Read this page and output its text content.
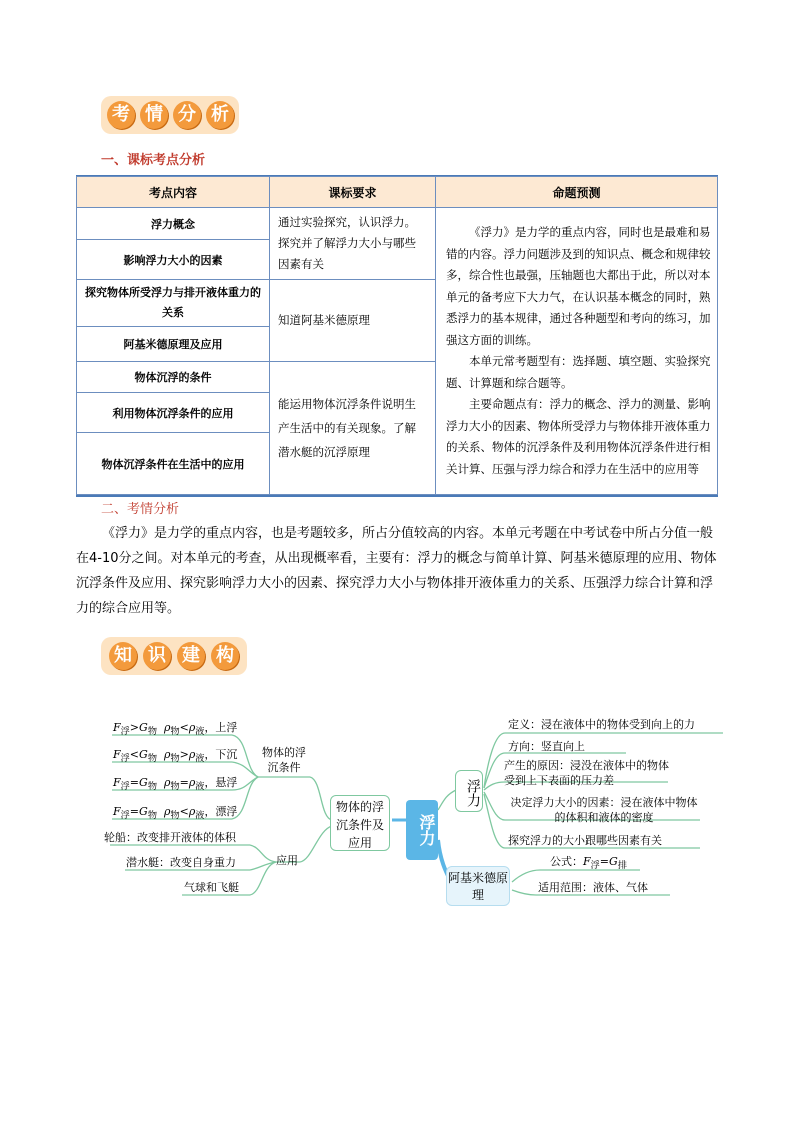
考 情 分 析
一、课标考点分析
考点内容	课标要求	命题预测
浮力概念	通过实验探究，认识浮力。探究并了解浮力大小与哪些因素有关	《浮力》是力学的重点内容，同时也是最难和易错的内容。浮力问题涉及到的知识点、概念和规律较多，综合性也最强，压轴题也大都出于此，所以对本单元的备考应下大力气，在认识基本概念的同时，熟悉浮力的基本规律，通过各种题型和考向的练习，加强这方面的训练。

本单元常考题型有：选择题、填空题、实验探究题、计算题和综合题等。

主要命题点有：浮力的概念、浮力的测量、影响浮力大小的因素、物体所受浮力与物体排开液体重力的关系、物体的沉浮条件及利用物体沉浮条件进行相关计算、压强与浮力综合和浮力在生活中的应用等

影响浮力大小的因素		
探究物体所受浮力与排开液体重力的关系	知道阿基米德原理	
阿基米德原理及应用		
物体沉浮的条件	能运用物体沉浮条件说明生产生活中的有关现象。了解潜水艇的沉浮原理	
利用物体沉浮条件的应用		
物体沉浮条件在生活中的应用		
二、考情分析
《浮力》是力学的重点内容，也是考题较多，所占分值较高的内容。本单元考题在中考试卷中所占分值一般在4-10分之间。对本单元的考查，从出现概率看，主要有：浮力的概念与简单计算、阿基米德原理的应用、物体沉浮条件及应用、探究影响浮力大小的因素、探究浮力大小与物体排开液体重力的关系、压强浮力综合计算和浮力的综合应用等。
知 识 建 构
$F_浮>G_物$ $\rho_物<\rho_液$，上浮
$F_浮<G_物$ $\rho_物>\rho_液$，下沉
$F_浮=G_物$ $\rho_物=\rho_液$，悬浮
$F_浮=G_物$ $\rho_物<\rho_液$，漂浮
物体的浮沉条件
轮船：改变排开液体的体积
潜水艇：改变自身重力
气球和飞艇
应用
物体的浮沉条件及应用	浮力
浮力
定义：浸在液体中的物体受到向上的力
方向：竖直向上
产生的原因：浸没在液体中的物体受到上下表面的压力差
决定浮力大小的因素：浸在液体中物体的体积和液体的密度
探究浮力的大小跟哪些因素有关
阿基米德原理
公式：$F_浮=G_排$
适用范围：液体、气体
